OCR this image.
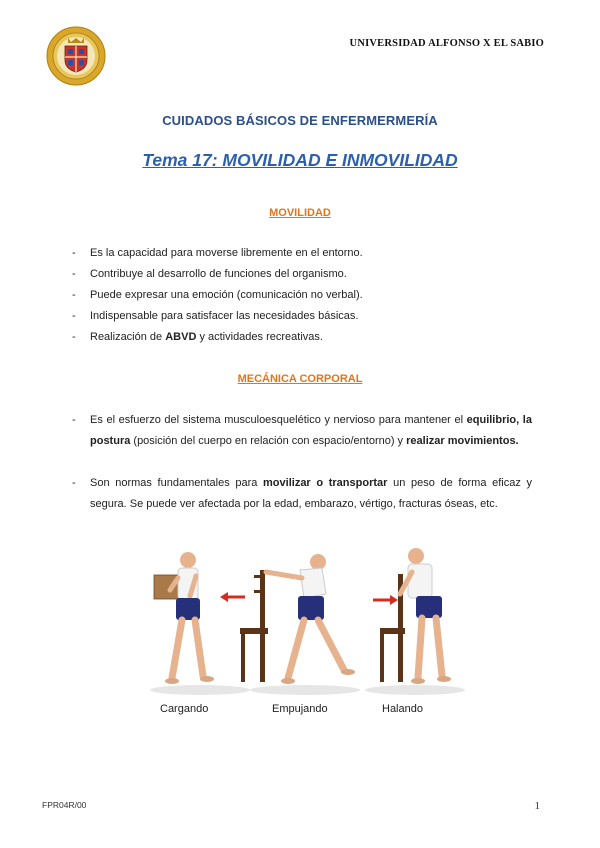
UNIVERSIDAD ALFONSO X EL SABIO
CUIDADOS BÁSICOS DE ENFERMERMERÍA
Tema 17: MOVILIDAD E INMOVILIDAD
MOVILIDAD
- Es la capacidad para moverse libremente en el entorno.
- Contribuye al desarrollo de funciones del organismo.
- Puede expresar una emoción (comunicación no verbal).
- Indispensable para satisfacer las necesidades básicas.
- Realización de ABVD y actividades recreativas.
MECÁNICA CORPORAL
- Es el esfuerzo del sistema musculoesquelético y nervioso para mantener el equilibrio, la postura (posición del cuerpo en relación con espacio/entorno) y realizar movimientos.
- Son normas fundamentales para movilizar o transportar un peso de forma eficaz y segura. Se puede ver afectada por la edad, embarazo, vértigo, fracturas óseas, etc.
Cargando	Empujando	Halando
FPR04R/00	1
